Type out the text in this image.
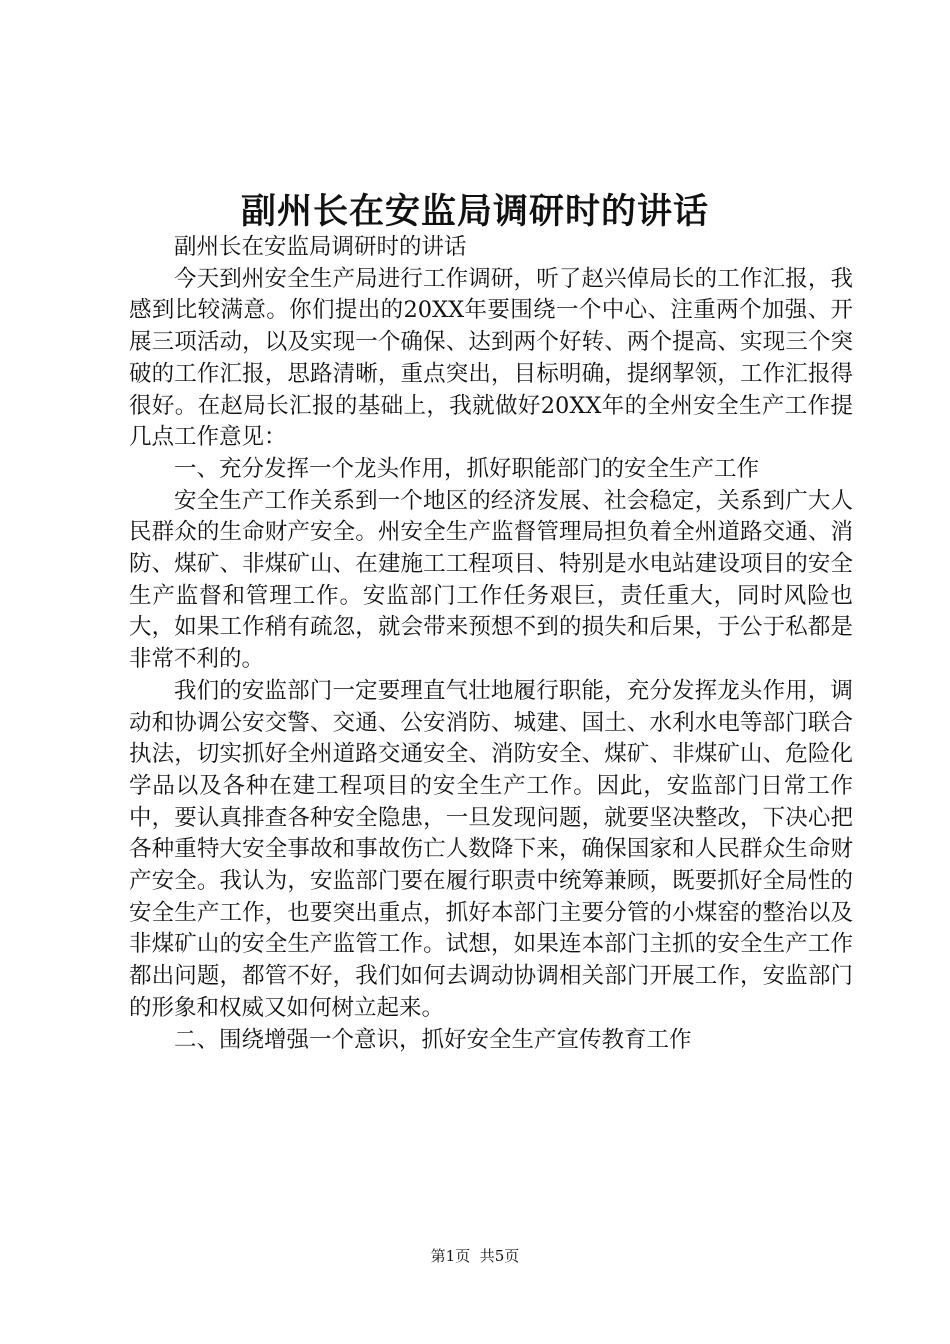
副州长在安监局调研时的讲话

副州长在安监局调研时的讲话

今天到州安全生产局进行工作调研，听了赵兴倬局长的工作汇报，我感到比较满意。你们提出的20XX年要围绕一个中心、注重两个加强、开展三项活动，以及实现一个确保、达到两个好转、两个提高、实现三个突破的工作汇报，思路清晰，重点突出，目标明确，提纲挈领，工作汇报得很好。在赵局长汇报的基础上，我就做好20XX年的全州安全生产工作提几点工作意见：

一、充分发挥一个龙头作用，抓好职能部门的安全生产工作

安全生产工作关系到一个地区的经济发展、社会稳定，关系到广大人民群众的生命财产安全。州安全生产监督管理局担负着全州道路交通、消防、煤矿、非煤矿山、在建施工工程项目、特别是水电站建设项目的安全生产监督和管理工作。安监部门工作任务艰巨，责任重大，同时风险也大，如果工作稍有疏忽，就会带来预想不到的损失和后果，于公于私都是非常不利的。

我们的安监部门一定要理直气壮地履行职能，充分发挥龙头作用，调动和协调公安交警、交通、公安消防、城建、国土、水利水电等部门联合执法，切实抓好全州道路交通安全、消防安全、煤矿、非煤矿山、危险化学品以及各种在建工程项目的安全生产工作。因此，安监部门日常工作中，要认真排查各种安全隐患，一旦发现问题，就要坚决整改，下决心把各种重特大安全事故和事故伤亡人数降下来，确保国家和人民群众生命财产安全。我认为，安监部门要在履行职责中统筹兼顾，既要抓好全局性的安全生产工作，也要突出重点，抓好本部门主要分管的小煤窑的整治以及非煤矿山的安全生产监管工作。试想，如果连本部门主抓的安全生产工作都出问题，都管不好，我们如何去调动协调相关部门开展工作，安监部门的形象和权威又如何树立起来。

二、围绕增强一个意识，抓好安全生产宣传教育工作

第1页 共5页
